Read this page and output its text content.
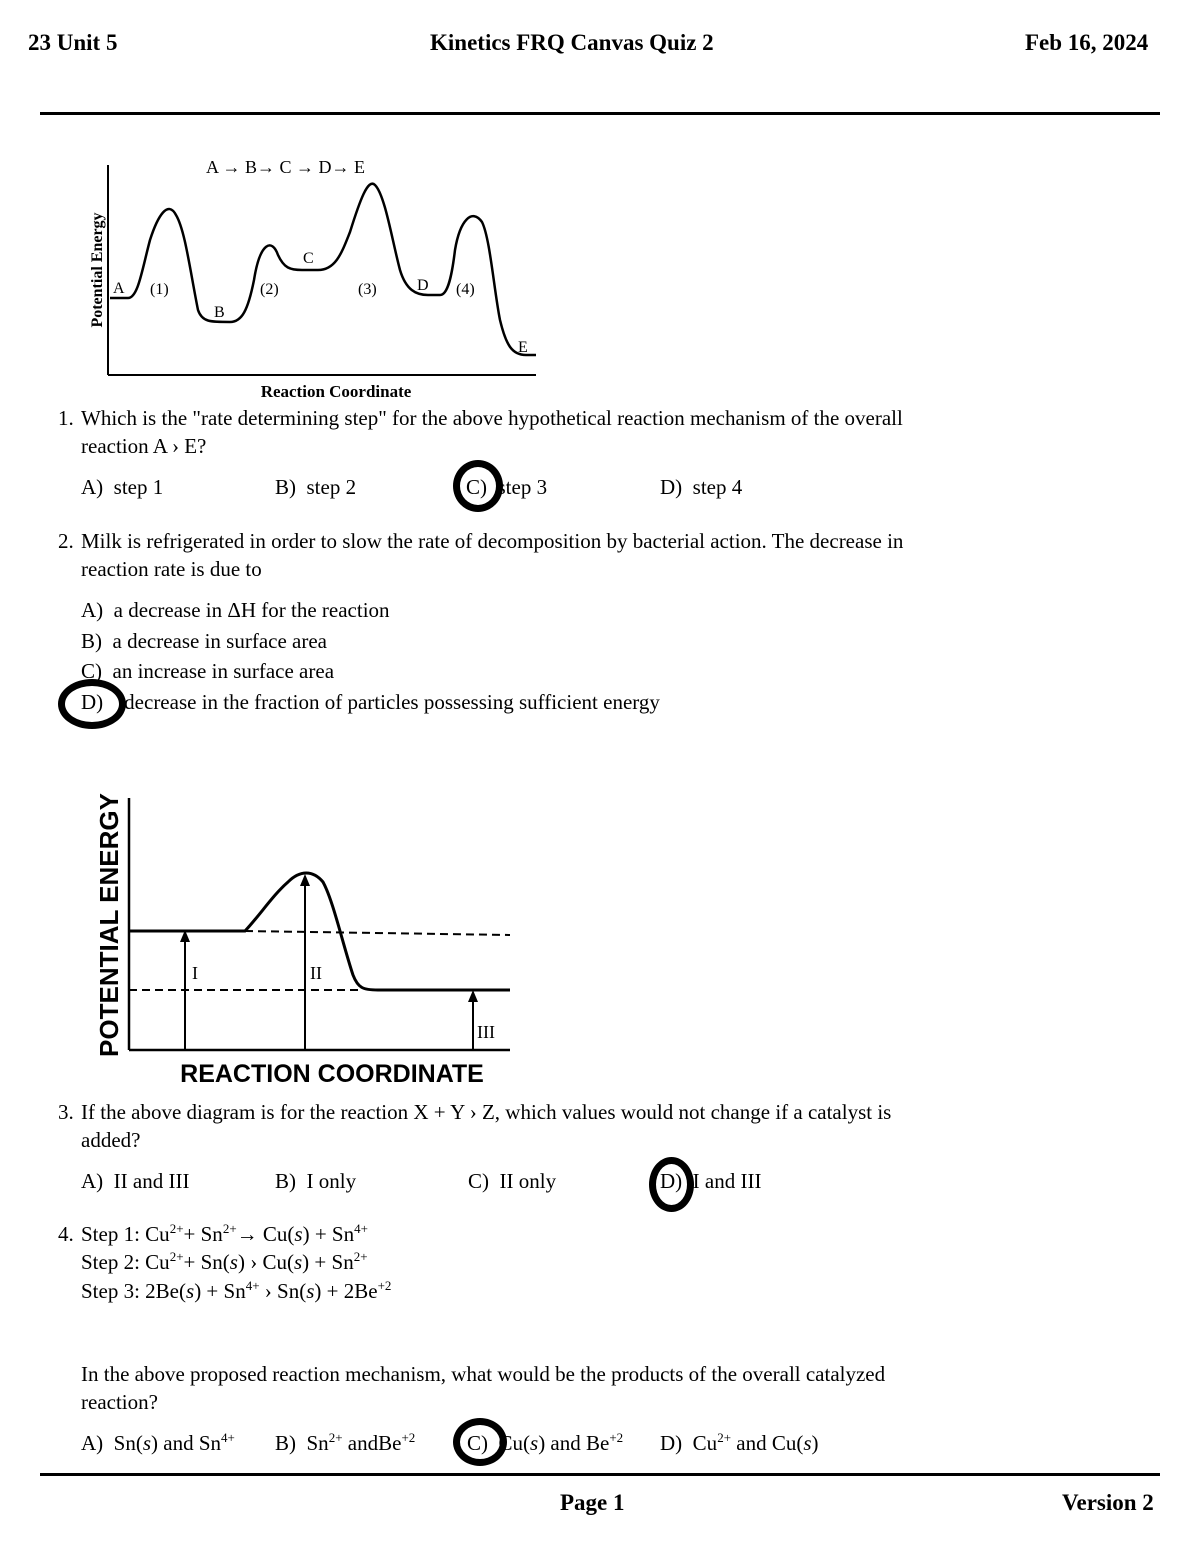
23 Unit 5	Kinetics FRQ Canvas Quiz 2	Feb 16, 2024
A → B→ C → D→ E
Potential Energy
Reaction Coordinate
A (1)
B
(2)
C
(3)	D (4)
E
1. Which is the "rate determining step" for the above hypothetical reaction mechanism of the overall
reaction A › E?
A) step 1	B) step 2	C) step 3	D) step 4
2. Milk is refrigerated in order to slow the rate of decomposition by bacterial action. The decrease in
reaction rate is due to
A) a decrease in ΔH for the reaction
B) a decrease in surface area
C) an increase in surface area
D) decrease in the fraction of particles possessing sufficient energy
I	II
III
POTENTIAL ENERGY
REACTION COORDINATE
3. If the above diagram is for the reaction X + Y › Z, which values would not change if a catalyst is
added?
A) II and III	B) I only	C) II only	D) I and III
4. Step 1: $Cu^{2+}+ Sn^{2+}\to Cu(s) + Sn^{4+}$
Step 2: $Cu^{2+}+ Sn(s)$ › $Cu(s) + Sn^{2+}$
Step 3: $2Be(s) + Sn^{4+}$ › $Sn(s) + 2Be^{+2}$
In the above proposed reaction mechanism, what would be the products of the overall catalyzed
reaction?
A) Sn(s) and $Sn^{4+}$ B) $Sn^{2+}$ andBe$^{+2}$ C) Cu(s) and $Be^{+2}$ D) $Cu^{2+}$ and Cu(s)
Page 1	Version 2
